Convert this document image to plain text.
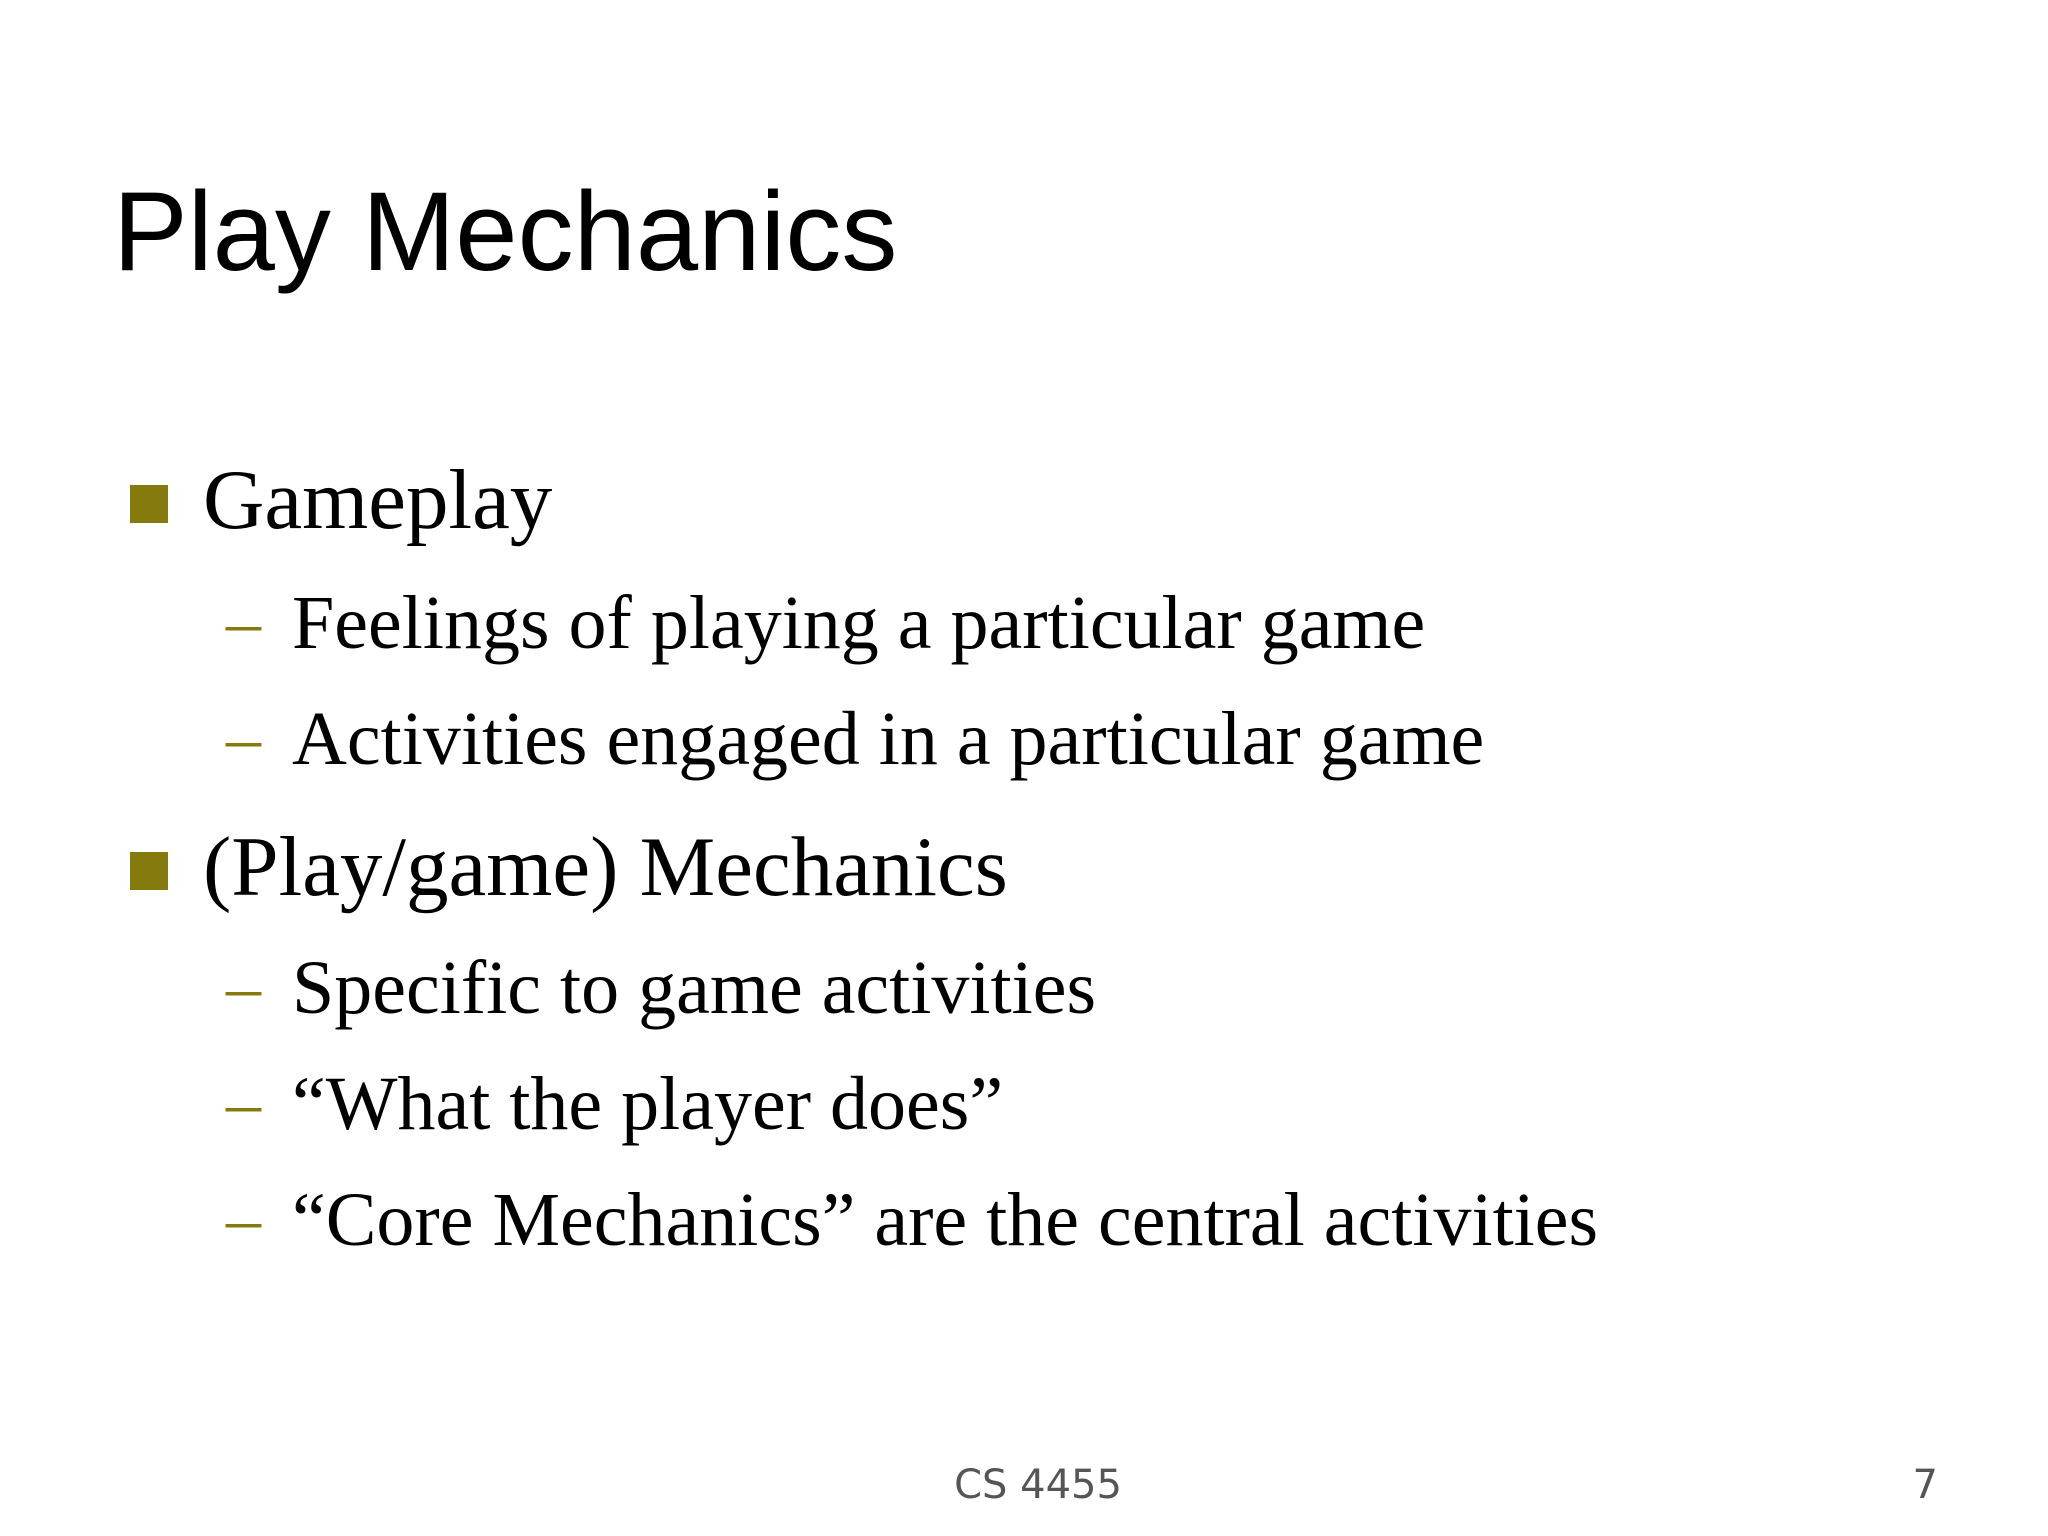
Play Mechanics

Gameplay

– Feelings of playing a particular game

– Activities engaged in a particular game

(Play/game) Mechanics

– Specific to game activities

– “What the player does”

– “Core Mechanics” are the central activities

CS 4455	7
